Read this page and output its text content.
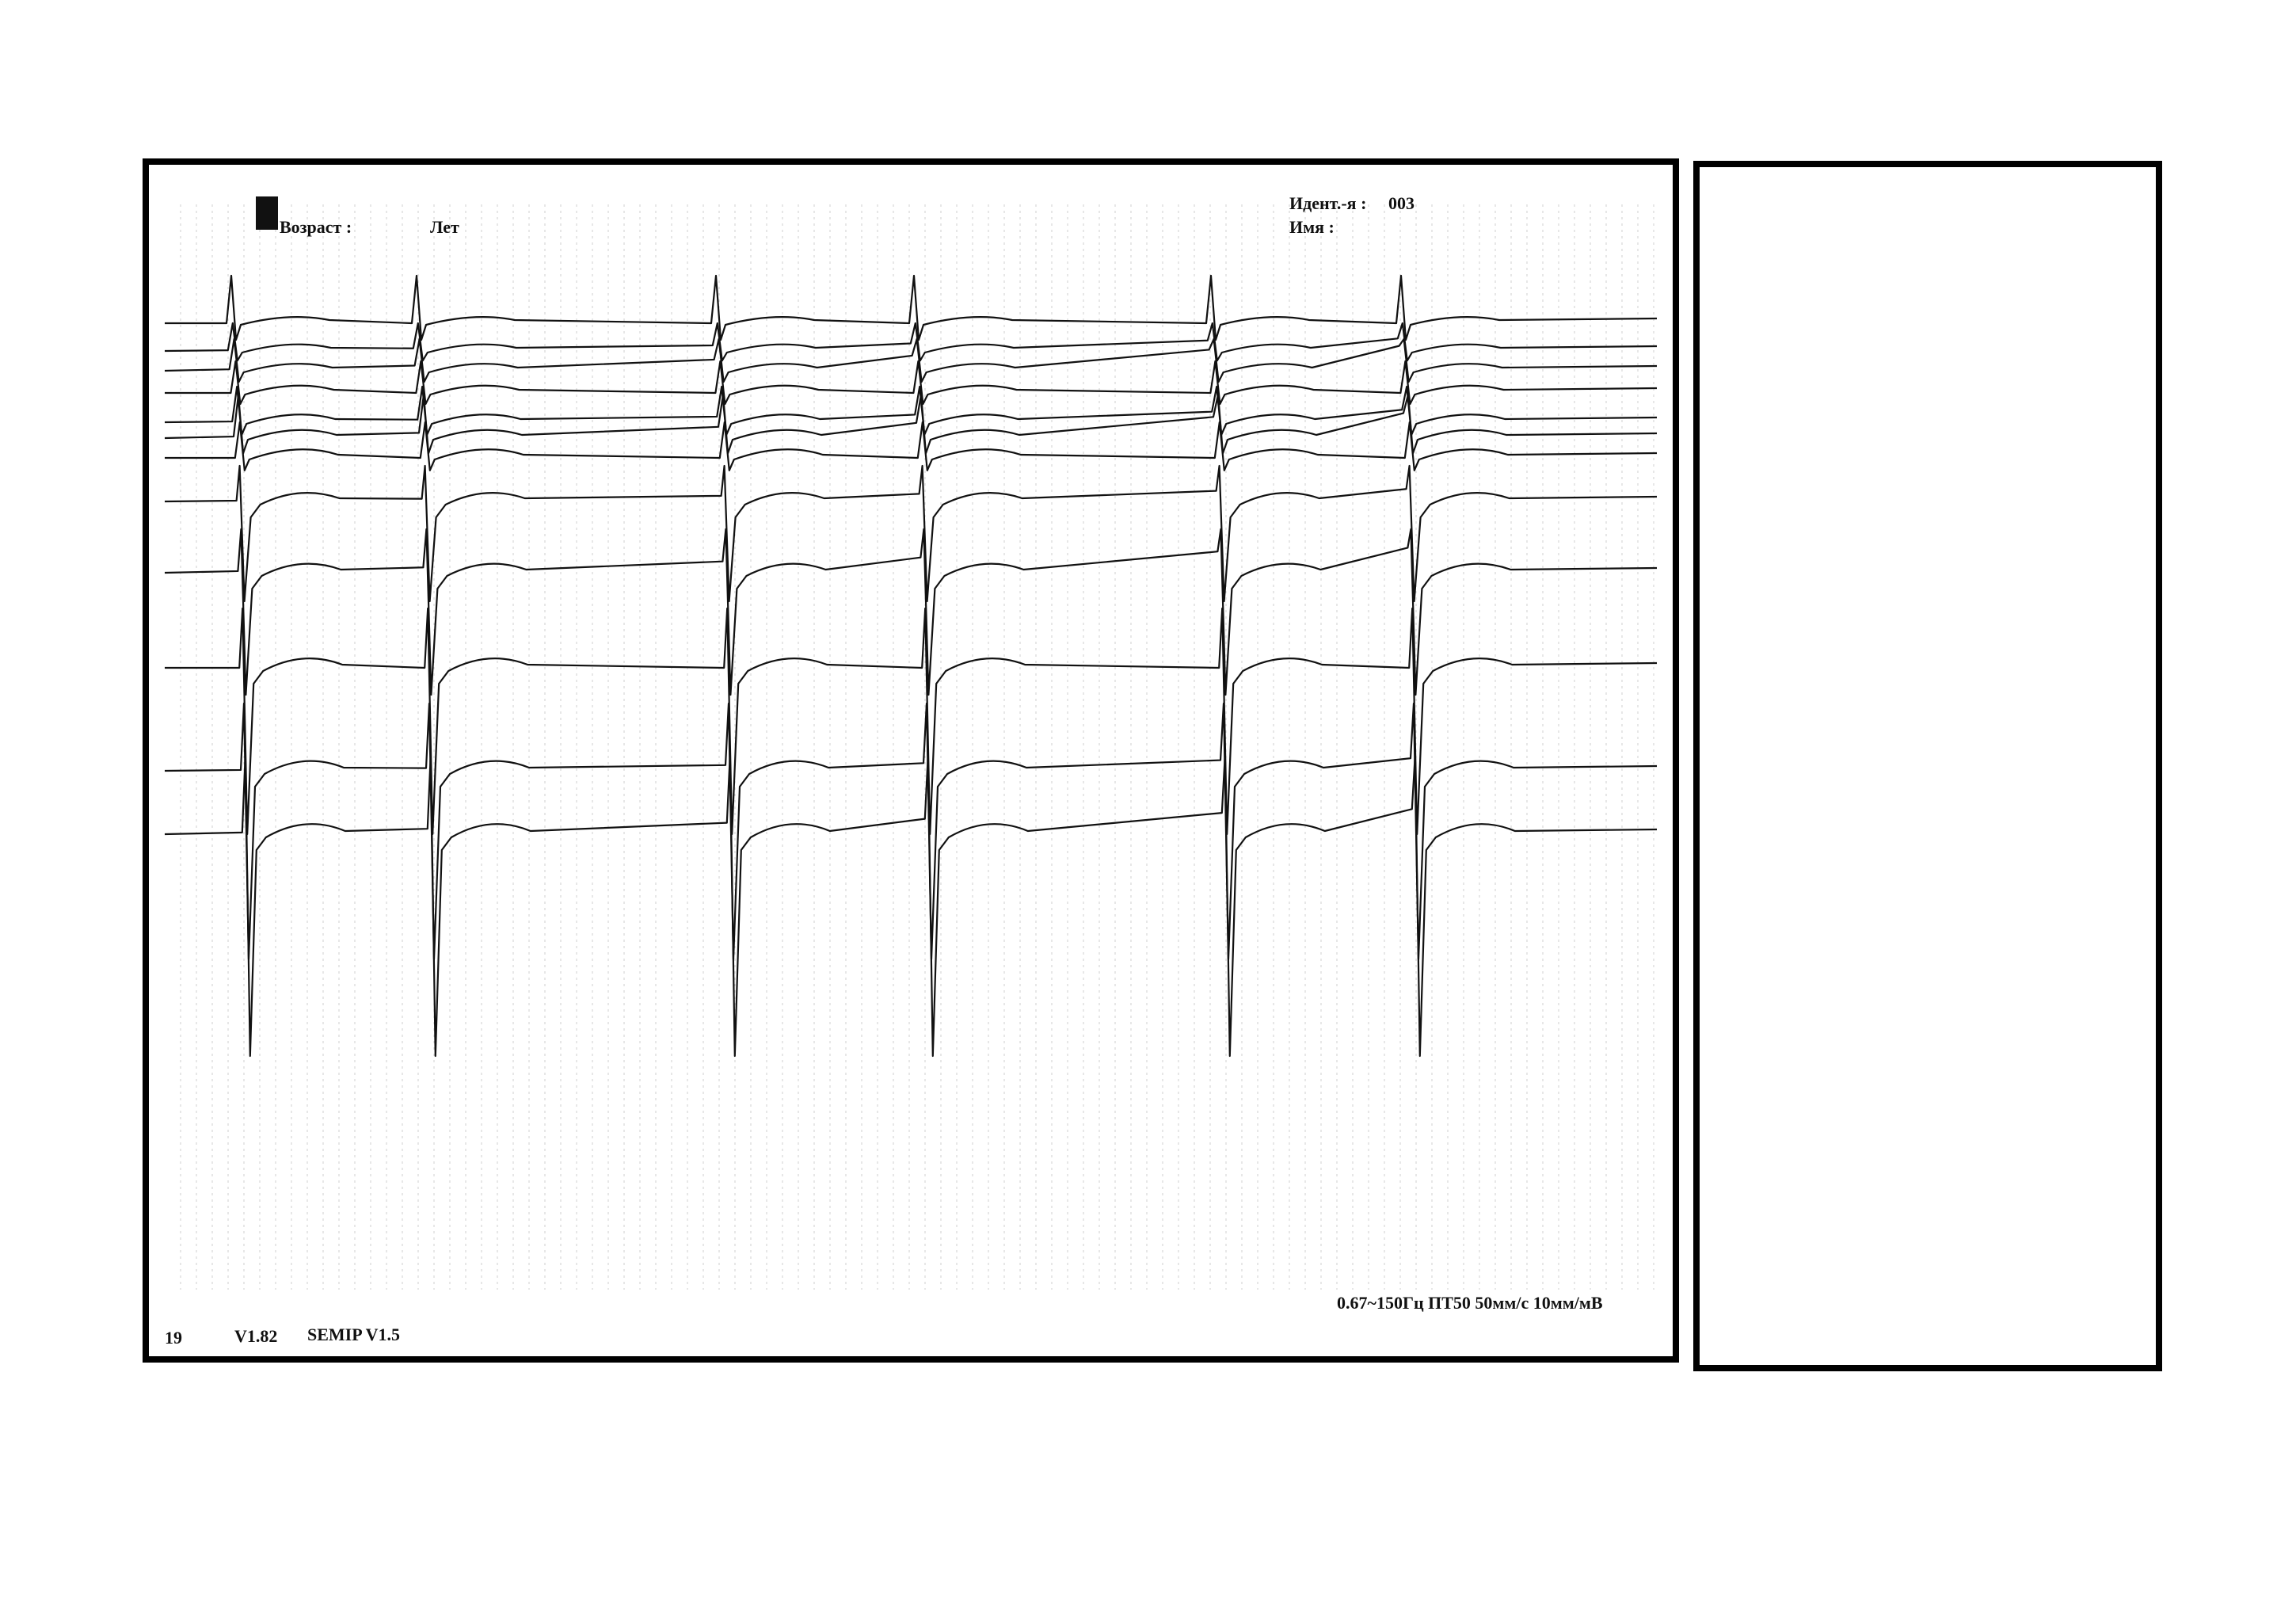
Возраст :	Лет
Идент.-я : 003
Имя :
19	V1.82 SEMIP V1.5
0.67~150Гц ПТ50 50мм/с 10мм/мВ
